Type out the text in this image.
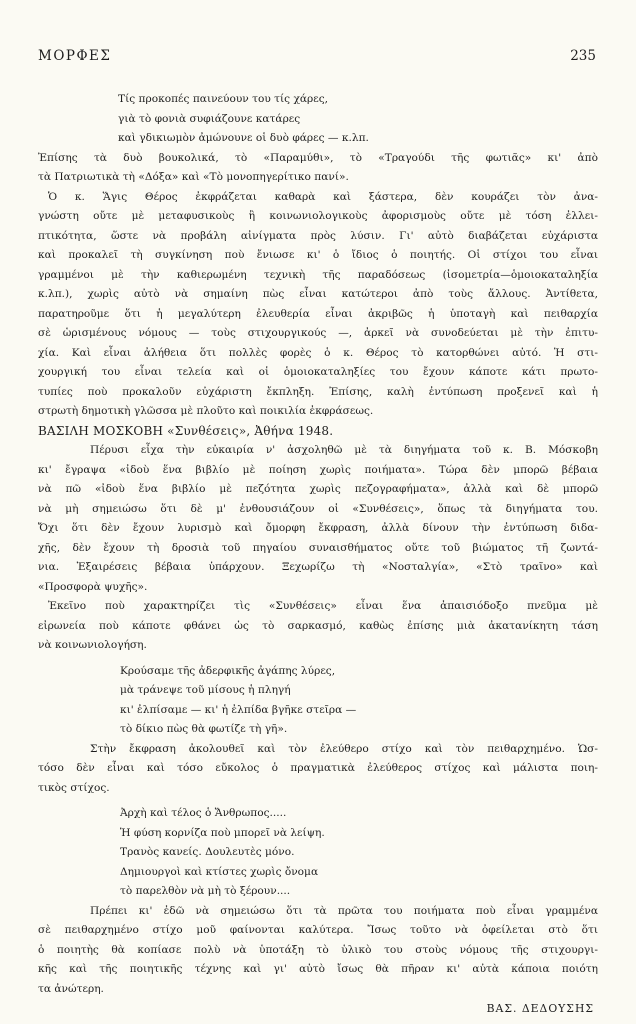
ΜΟΡΦΕΣ	235
Τίς προκοπές παινεύουν του τίς χάρες,
γιὰ τὸ φονιὰ συφιάζουνε κατάρες
καὶ γδικιωμὸν ἀμώνουνε οἱ δυὸ φάρες — κ.λπ.
Ἐπίσης τὰ δυὸ βουκολικά, τὸ «Παραμύθι», τὸ «Τραγούδι τῆς φωτιᾶς» κι' ἀπὸ
τὰ Πατριωτικὰ τὴ «Δόξα» καὶ «Τὸ μονοπηγερίτικο πανί».
Ὁ κ. Ἅγις Θέρος ἐκφράζεται καθαρὰ καὶ ξάστερα, δὲν κουράζει τὸν ἀνα-
γνώστη οὔτε μὲ μεταφυσικοὺς ἢ κοινωνιολογικοὺς ἀφορισμοὺς οὔτε μὲ τόση ἐλλει-
πτικότητα, ὥστε νὰ προβάλη αἰνίγματα πρὸς λύσιν. Γι' αὐτὸ διαβάζεται εὐχάριστα
καὶ προκαλεῖ τὴ συγκίνηση ποὺ ἔνιωσε κι' ὁ ἴδιος ὁ ποιητής. Οἱ στίχοι του εἶναι
γραμμένοι μὲ τὴν καθιερωμένη τεχνικὴ τῆς παραδόσεως (ἰσομετρία—ὁμοιοκαταληξία
κ.λπ.), χωρὶς αὐτὸ νὰ σημαίνη πὼς εἶναι κατώτεροι ἀπὸ τοὺς ἄλλους. Ἀντίθετα,
παρατηροῦμε ὅτι ἡ μεγαλύτερη ἐλευθερία εἶναι ἀκριβῶς ἡ ὑποταγὴ καὶ πειθαρχία
σὲ ὡρισμένους νόμους — τοὺς στιχουργικούς —, ἀρκεῖ νὰ συνοδεύεται μὲ τὴν ἐπιτυ-
χία. Καὶ εἶναι ἀλήθεια ὅτι πολλὲς φορὲς ὁ κ. Θέρος τὸ κατορθώνει αὐτό. Ἡ στι-
χουργική του εἶναι τελεία καὶ οἱ ὁμοιοκαταληξίες του ἔχουν κάποτε κάτι πρωτο-
τυπίες ποὺ προκαλοῦν εὐχάριστη ἔκπληξη. Ἐπίσης, καλὴ ἐντύπωση προξενεῖ καὶ ἡ
στρωτὴ δημοτικὴ γλῶσσα μὲ πλοῦτο καὶ ποικιλία ἐκφράσεως.
ΒΑΣΙΛΗ ΜΟΣΚΟΒΗ «Συνθέσεις», Ἀθήνα 1948.
Πέρυσι εἶχα τὴν εὐκαιρία ν' ἀσχοληθῶ μὲ τὰ διηγήματα τοῦ κ. Β. Μόσκοβη
κι' ἔγραψα «ἰδοὺ ἕνα βιβλίο μὲ ποίηση χωρὶς ποιήματα». Τώρα δὲν μπορῶ βέβαια
νὰ πῶ «ἰδοὺ ἕνα βιβλίο μὲ πεζότητα χωρὶς πεζογραφήματα», ἀλλὰ καὶ δὲ μπορῶ
νὰ μὴ σημειώσω ὅτι δὲ μ' ἐνθουσιάζουν οἱ «Συνθέσεις», ὅπως τὰ διηγήματα του.
Ὄχι ὅτι δὲν ἔχουν λυρισμὸ καὶ ὄμορφη ἔκφραση, ἀλλὰ δίνουν τὴν ἐντύπωση διδα-
χῆς, δὲν ἔχουν τὴ δροσιὰ τοῦ πηγαίου συναισθήματος οὔτε τοῦ βιώματος τῆ ζωντά-
νια. Ἐξαιρέσεις βέβαια ὑπάρχουν. Ξεχωρίζω τὴ «Νοσταλγία», «Στὸ τραῖνο» καὶ
«Προσφορὰ ψυχῆς».
Ἐκεῖνο ποὺ χαρακτηρίζει τὶς «Συνθέσεις» εἶναι ἕνα ἀπαισιόδοξο πνεῦμα μὲ
εἰρωνεία ποὺ κάποτε φθάνει ὡς τὸ σαρκασμό, καθὼς ἐπίσης μιὰ ἀκατανίκητη τάση
νὰ κοινωνιολογήση.
Κρούσαμε τῆς ἀδερφικῆς ἀγάπης λύρες,
μὰ τράνεψε τοῦ μίσους ἡ πληγή
κι' ἐλπίσαμε — κι' ἡ ἐλπίδα βγῆκε στεῖρα —
τὸ δίκιο πὼς θὰ φωτίζε τὴ γῆ».
Στὴν ἔκφραση ἀκολουθεῖ καὶ τὸν ἐλεύθερο στίχο καὶ τὸν πειθαρχημένο. Ὡσ-
τόσο δὲν εἶναι καὶ τόσο εὔκολος ὁ πραγματικὰ ἐλεύθερος στίχος καὶ μάλιστα ποιη-
τικὸς στίχος.
Ἀρχὴ καὶ τέλος ὁ Ἄνθρωπος.....
Ἡ φύση κορνίζα ποὺ μπορεῖ νὰ λείψη.
Τρανὸς κανείς. Δουλευτὲς μόνο.
Δημιουργοὶ καὶ κτίστες χωρὶς ὄνομα
τὸ παρελθὸν νὰ μὴ τὸ ξέρουν....
Πρέπει κι' ἐδῶ νὰ σημειώσω ὅτι τὰ πρῶτα του ποιήματα ποὺ εἶναι γραμμένα
σὲ πειθαρχημένο στίχο μοῦ φαίνονται καλύτερα. Ἴσως τοῦτο νὰ ὀφείλεται στὸ ὅτι
ὁ ποιητὴς θὰ κοπίασε πολὺ νὰ ὑποτάξη τὸ ὑλικὸ του στοὺς νόμους τῆς στιχουργι-
κῆς καὶ τῆς ποιητικῆς τέχνης καὶ γι' αὐτὸ ἴσως θὰ πῆραν κι' αὐτὰ κάποια ποιότη
τα ἀνώτερη.
ΒΑΣ. ΔΕΔΟΥΣΗΣ
